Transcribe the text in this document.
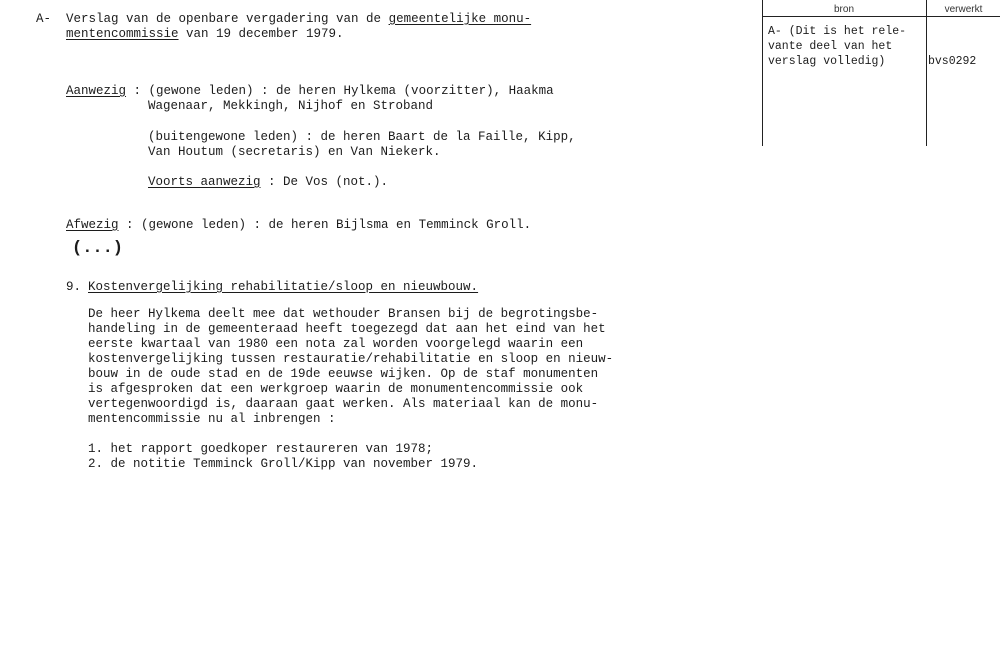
A- Verslag van de openbare vergadering van de gemeentelijke monu-
mentencommissie van 19 december 1979.
Aanwezig : (gewone leden) : de heren Hylkema (voorzitter), Haakma
Wagenaar, Mekkingh, Nijhof en Stroband
(buitengewone leden) : de heren Baart de la Faille, Kipp,
Van Houtum (secretaris) en Van Niekerk.
Voorts aanwezig : De Vos (not.).
Afwezig : (gewone leden) : de heren Bijlsma en Temminck Groll.
(...)
9. Kostenvergelijking rehabilitatie/sloop en nieuwbouw.
De heer Hylkema deelt mee dat wethouder Bransen bij de begrotingsbe-
handeling in de gemeenteraad heeft toegezegd dat aan het eind van het
eerste kwartaal van 1980 een nota zal worden voorgelegd waarin een
kostenvergelijking tussen restauratie/rehabilitatie en sloop en nieuw-
bouw in de oude stad en de 19de eeuwse wijken. Op de staf monumenten
is afgesproken dat een werkgroep waarin de monumentencommissie ook
vertegenwoordigd is, daaraan gaat werken. Als materiaal kan de monu-
mentencommissie nu al inbrengen :
1. het rapport goedkoper restaureren van 1978;
2. de notitie Temminck Groll/Kipp van november 1979.
bron	verwerkt
A- (Dit is het rele-
vante deel van het
verslag volledig)	bvs0292
